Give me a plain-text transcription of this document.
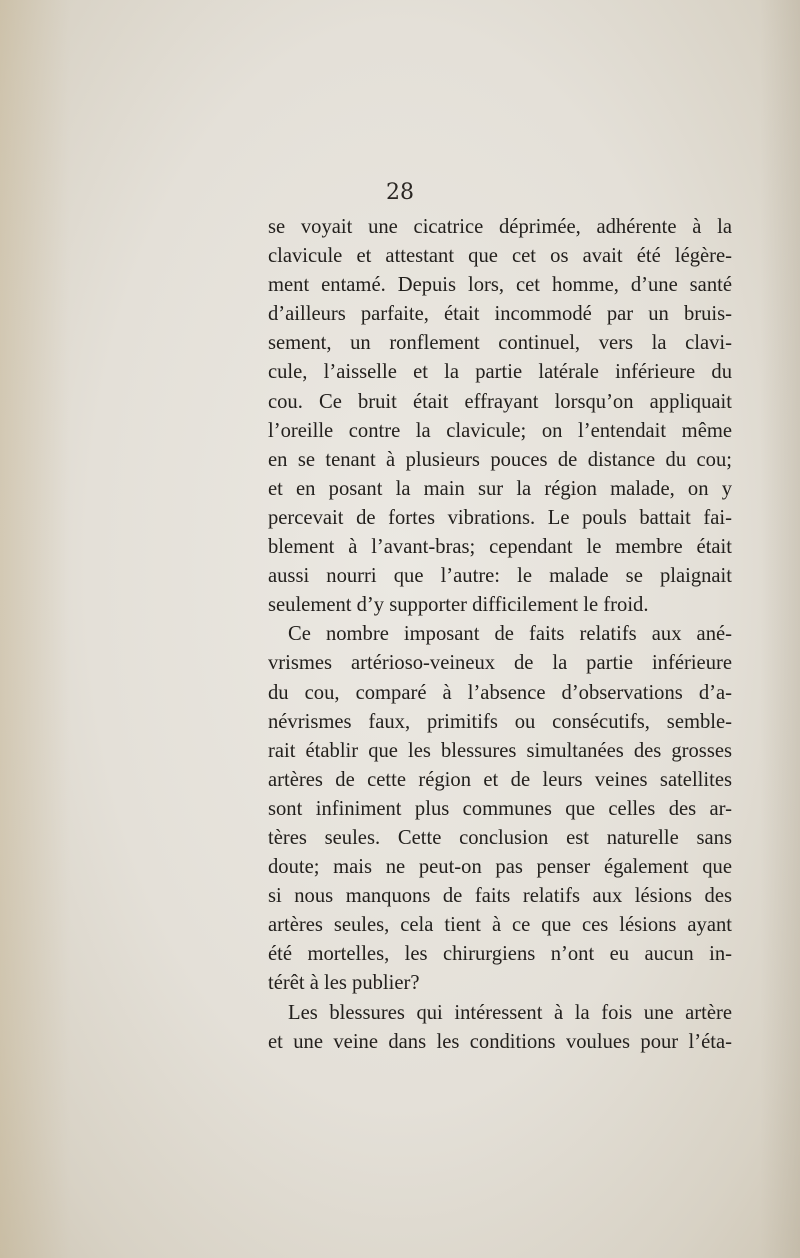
28

se voyait une cicatrice déprimée, adhérente à la

clavicule et attestant que cet os avait été légère-

ment entamé. Depuis lors, cet homme, d’une santé

d’ailleurs parfaite, était incommodé par un bruis-

sement, un ronflement continuel, vers la clavi-

cule, l’aisselle et la partie latérale inférieure du

cou. Ce bruit était effrayant lorsqu’on appliquait

l’oreille contre la clavicule; on l’entendait même

en se tenant à plusieurs pouces de distance du cou;

et en posant la main sur la région malade, on y

percevait de fortes vibrations. Le pouls battait fai-

blement à l’avant-bras; cependant le membre était

aussi nourri que l’autre: le malade se plaignait

seulement d’y supporter difficilement le froid.

Ce nombre imposant de faits relatifs aux ané-

vrismes artérioso-veineux de la partie inférieure

du cou, comparé à l’absence d’observations d’a-

névrismes faux, primitifs ou consécutifs, semble-

rait établir que les blessures simultanées des grosses

artères de cette région et de leurs veines satellites

sont infiniment plus communes que celles des ar-

tères seules. Cette conclusion est naturelle sans

doute; mais ne peut-on pas penser également que

si nous manquons de faits relatifs aux lésions des

artères seules, cela tient à ce que ces lésions ayant

été mortelles, les chirurgiens n’ont eu aucun in-

térêt à les publier?

Les blessures qui intéressent à la fois une artère

et une veine dans les conditions voulues pour l’éta-
